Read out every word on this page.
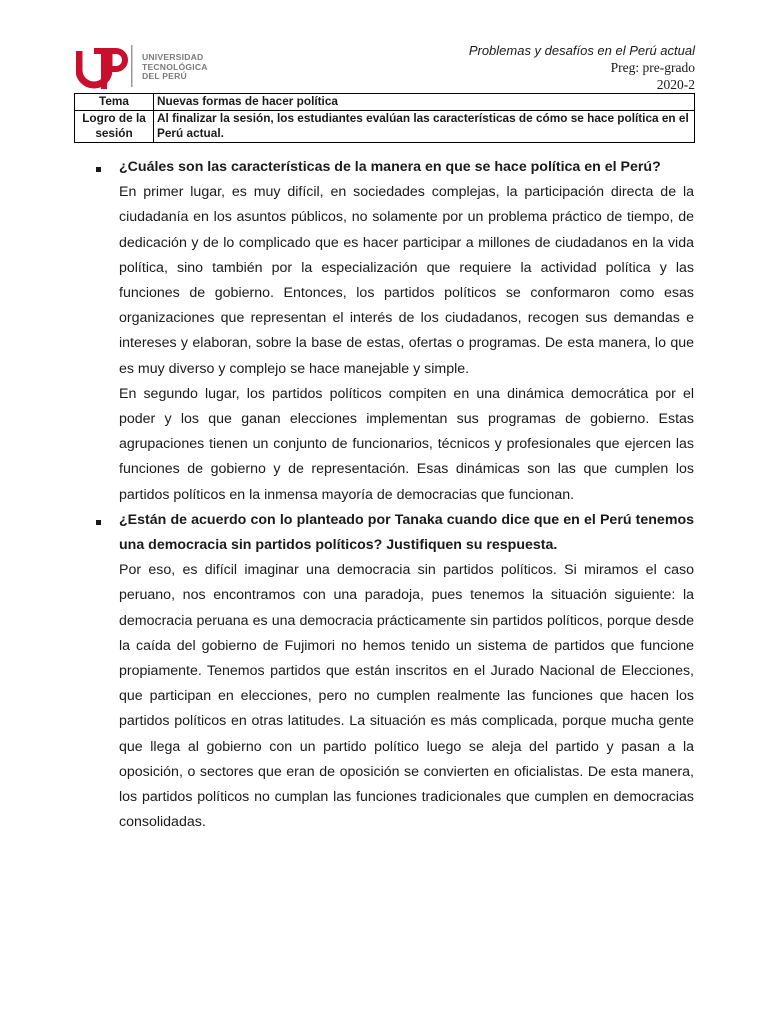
UNIVERSIDAD
TECNOLÓGICA
DEL PERÚ
Problemas y desafíos en el Perú actual
Preg: pre-grado
2020-2
Tema	Nuevas formas de hacer política
Logro de la sesión	Al finalizar la sesión, los estudiantes evalúan las características de cómo se hace política en el Perú actual.
¿Cuáles son las características de la manera en que se hace política en el Perú?

En primer lugar, es muy difícil, en sociedades complejas, la participación directa de la ciudadanía en los asuntos públicos, no solamente por un problema práctico de tiempo, de dedicación y de lo complicado que es hacer participar a millones de ciudadanos en la vida política, sino también por la especialización que requiere la actividad política y las funciones de gobierno. Entonces, los partidos políticos se conformaron como esas organizaciones que representan el interés de los ciudadanos, recogen sus demandas e intereses y elaboran, sobre la base de estas, ofertas o programas. De esta manera, lo que es muy diverso y complejo se hace manejable y simple.

En segundo lugar, los partidos políticos compiten en una dinámica democrática por el poder y los que ganan elecciones implementan sus programas de gobierno. Estas agrupaciones tienen un conjunto de funcionarios, técnicos y profesionales que ejercen las funciones de gobierno y de representación. Esas dinámicas son las que cumplen los partidos políticos en la inmensa mayoría de democracias que funcionan.

¿Están de acuerdo con lo planteado por Tanaka cuando dice que en el Perú tenemos una democracia sin partidos políticos? Justifiquen su respuesta.

Por eso, es difícil imaginar una democracia sin partidos políticos. Si miramos el caso peruano, nos encontramos con una paradoja, pues tenemos la situación siguiente: la democracia peruana es una democracia prácticamente sin partidos políticos, porque desde la caída del gobierno de Fujimori no hemos tenido un sistema de partidos que funcione propiamente. Tenemos partidos que están inscritos en el Jurado Nacional de Elecciones, que participan en elecciones, pero no cumplen realmente las funciones que hacen los partidos políticos en otras latitudes. La situación es más complicada, porque mucha gente que llega al gobierno con un partido político luego se aleja del partido y pasan a la oposición, o sectores que eran de oposición se convierten en oficialistas. De esta manera, los partidos políticos no cumplan las funciones tradicionales que cumplen en democracias consolidadas.
